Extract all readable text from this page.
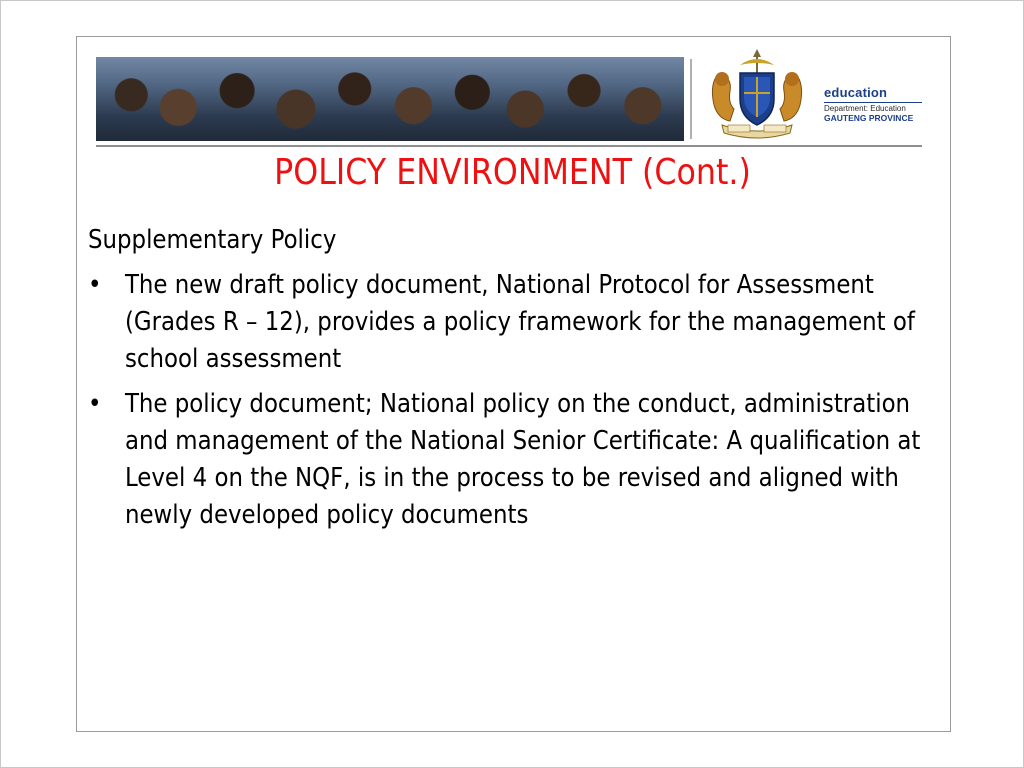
education
Department: Education
GAUTENG PROVINCE
POLICY ENVIRONMENT (Cont.)

Supplementary Policy

• The new draft policy document, National Protocol for Assessment (Grades R – 12), provides a policy framework for the management of school assessment
• The policy document; National policy on the conduct, administration and management of the National Senior Certificate: A qualification at Level 4 on the NQF, is in the process to be revised and aligned with newly developed policy documents
